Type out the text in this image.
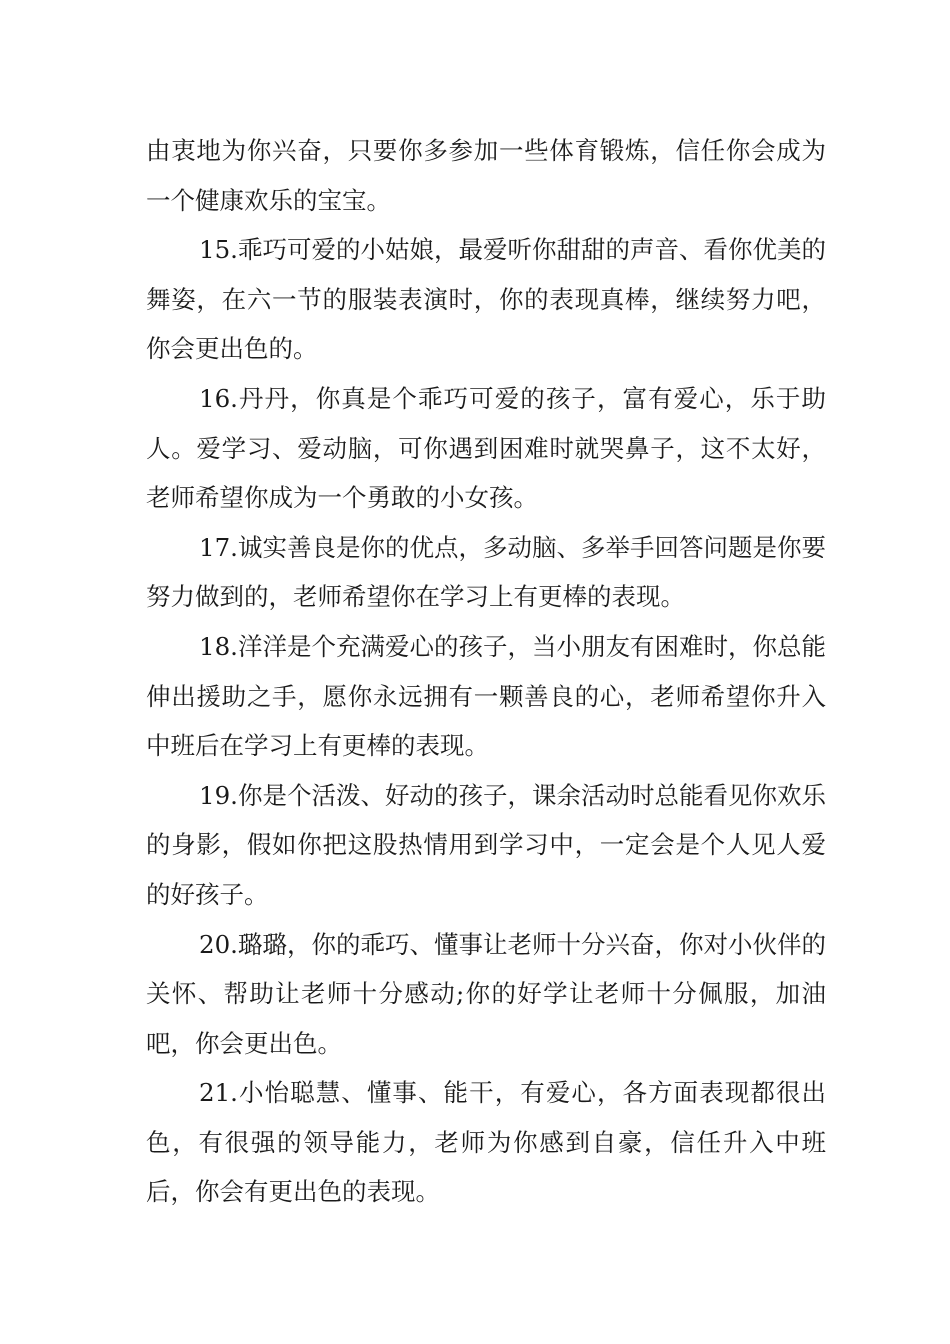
由衷地为你兴奋，只要你多参加一些体育锻炼，信任你会成为一个健康欢乐的宝宝。

15.乖巧可爱的小姑娘，最爱听你甜甜的声音、看你优美的舞姿，在六一节的服装表演时，你的表现真棒，继续努力吧，你会更出色的。

16.丹丹，你真是个乖巧可爱的孩子，富有爱心，乐于助人。爱学习、爱动脑，可你遇到困难时就哭鼻子，这不太好，老师希望你成为一个勇敢的小女孩。

17.诚实善良是你的优点，多动脑、多举手回答问题是你要努力做到的，老师希望你在学习上有更棒的表现。

18.洋洋是个充满爱心的孩子，当小朋友有困难时，你总能伸出援助之手，愿你永远拥有一颗善良的心，老师希望你升入中班后在学习上有更棒的表现。

19.你是个活泼、好动的孩子，课余活动时总能看见你欢乐的身影，假如你把这股热情用到学习中，一定会是个人见人爱的好孩子。

20.璐璐，你的乖巧、懂事让老师十分兴奋，你对小伙伴的关怀、帮助让老师十分感动;你的好学让老师十分佩服，加油吧，你会更出色。

21.小怡聪慧、懂事、能干，有爱心，各方面表现都很出色，有很强的领导能力，老师为你感到自豪，信任升入中班后，你会有更出色的表现。
